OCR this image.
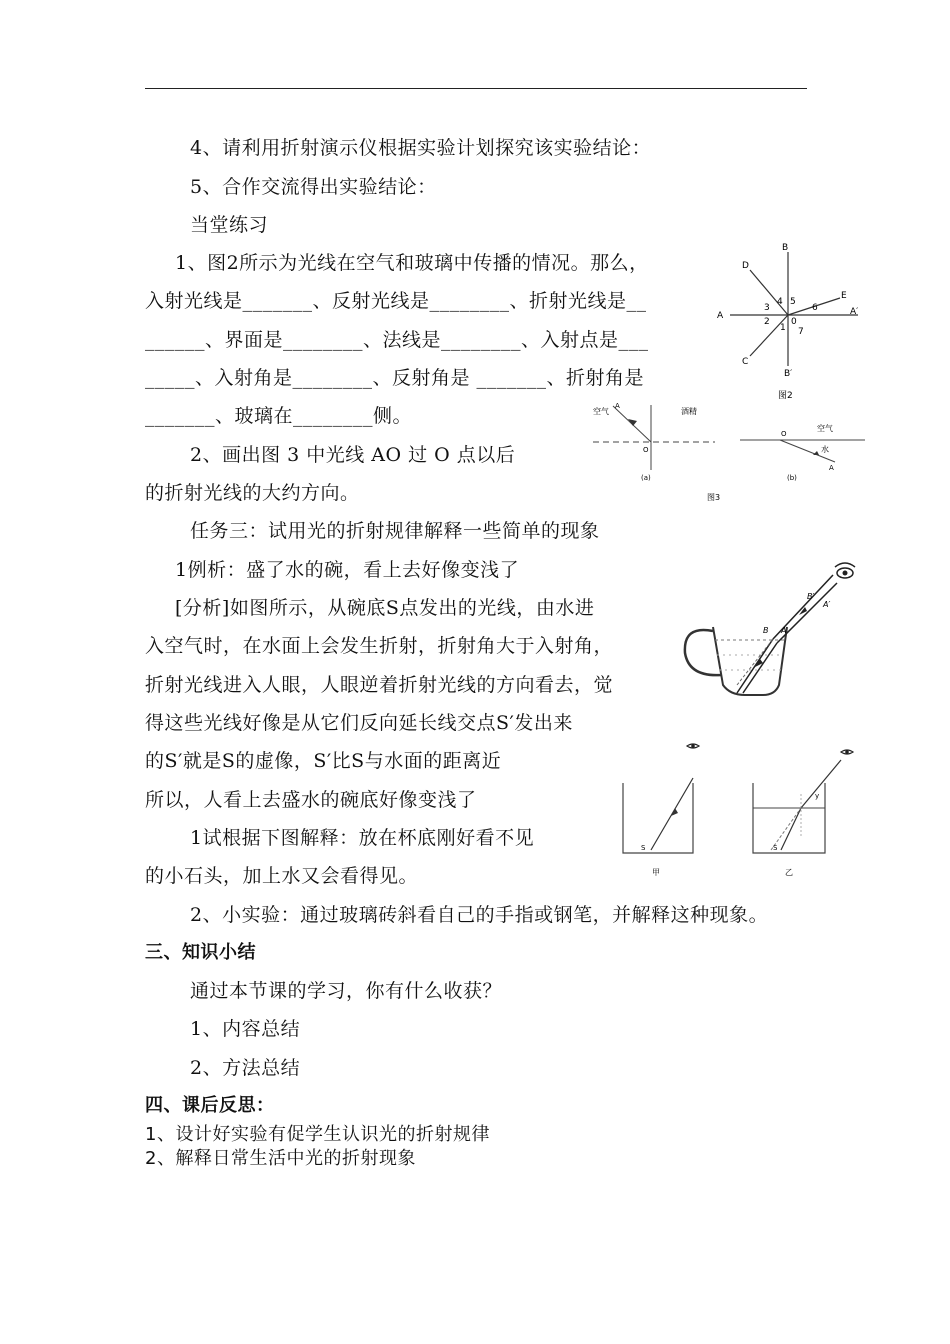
4、请利用折射演示仪根据实验计划探究该实验结论：
5、合作交流得出实验结论：
当堂练习
1、图2所示为光线在空气和玻璃中传播的情况。那么，
入射光线是_______、反射光线是________、折射光线是__
______、界面是________、法线是________、入射点是___
_____、入射角是________、反射角是 _______、折射角是
_______、玻璃在________侧。
2、画出图 3 中光线 AO 过 O 点以后
的折射光线的大约方向。
任务三：试用光的折射规律解释一些简单的现象
1例析：盛了水的碗，看上去好像变浅了
[分析]如图所示，从碗底S点发出的光线，由水进
入空气时，在水面上会发生折射，折射角大于入射角，
折射光线进入人眼，人眼逆着折射光线的方向看去，觉
得这些光线好像是从它们反向延长线交点S′发出来
的S′就是S的虚像，S′比S与水面的距离近
所以，人看上去盛水的碗底好像变浅了
1试根据下图解释：放在杯底刚好看不见
的小石头，加上水又会看得见。
2、小实验：通过玻璃砖斜看自己的手指或钢笔，并解释这种现象。
三、知识小结
通过本节课的学习，你有什么收获？
1、内容总结
2、方法总结
四、课后反思：
1、设计好实验有促学生认识光的折射规律
2、解释日常生活中光的折射现象
B
D
E
A	A′
C
B′
3
4 5
6
2
1
0
7
图2
空气
A
O
酒精
(a)
空气
O
水
A
(b)
图3
B′
A′
B A
S
甲
y
S
乙
